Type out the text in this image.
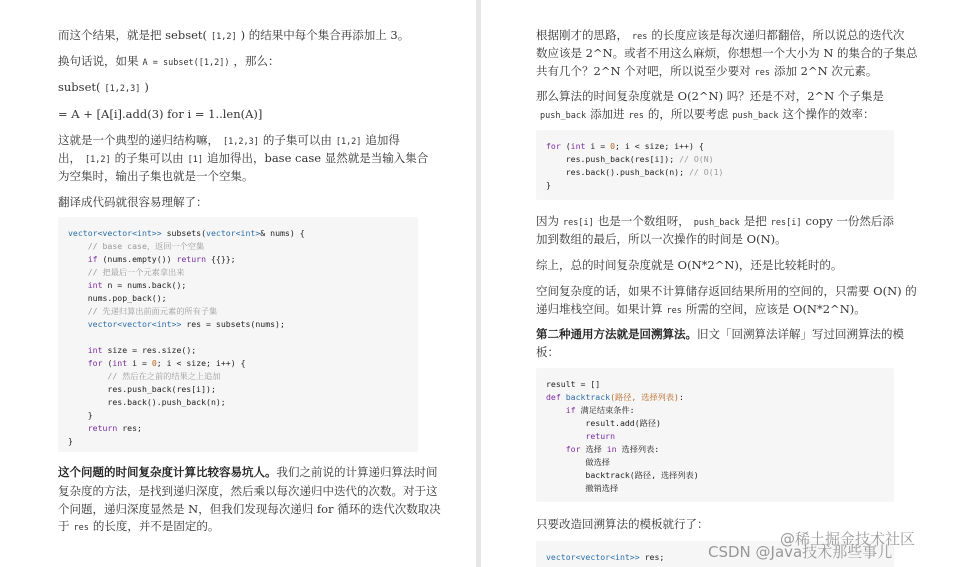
而这个结果，就是把 sebset( [1,2] ) 的结果中每个集合再添加上 3。
换句话说，如果 A = subset([1,2]) ，那么：
subset( [1,2,3] )
= A + [A[i].add(3) for i = 1..len(A)]
这就是一个典型的递归结构嘛， [1,2,3] 的子集可以由 [1,2] 追加得
出， [1,2] 的子集可以由 [1] 追加得出，base case 显然就是当输入集合
为空集时，输出子集也就是一个空集。
翻译成代码就很容易理解了：
vector<vector<int>> subsets(vector<int>& nums) {
// base case，返回一个空集
if (nums.empty()) return {{}};
// 把最后一个元素拿出来
int n = nums.back();
nums.pop_back();
// 先递归算出前面元素的所有子集
vector<vector<int>> res = subsets(nums);
int size = res.size();
for (int i = 0; i < size; i++) {
// 然后在之前的结果之上追加
res.push_back(res[i]);
res.back().push_back(n);
}
return res;
}
这个问题的时间复杂度计算比较容易坑人。我们之前说的计算递归算法时间
复杂度的方法，是找到递归深度，然后乘以每次递归中迭代的次数。对于这
个问题，递归深度显然是 N，但我们发现每次递归 for 循环的迭代次数取决
于 res 的长度，并不是固定的。
根据刚才的思路， res 的长度应该是每次递归都翻倍，所以说总的迭代次
数应该是 2^N。或者不用这么麻烦，你想想一个大小为 N 的集合的子集总
共有几个？2^N 个对吧，所以说至少要对 res 添加 2^N 次元素。
那么算法的时间复杂度就是 O(2^N) 吗？还是不对，2^N 个子集是
push_back 添加进 res 的，所以要考虑 push_back 这个操作的效率：
for (int i = 0; i < size; i++) {
res.push_back(res[i]); // O(N)
res.back().push_back(n); // O(1)
}
因为 res[i] 也是一个数组呀， push_back 是把 res[i] copy 一份然后添
加到数组的最后，所以一次操作的时间是 O(N)。
综上，总的时间复杂度就是 O(N*2^N)，还是比较耗时的。
空间复杂度的话，如果不计算储存返回结果所用的空间的，只需要 O(N) 的
递归堆栈空间。如果计算 res 所需的空间，应该是 O(N*2^N)。
第二种通用方法就是回溯算法。旧文「回溯算法详解」写过回溯算法的模
板：
result = []
def backtrack(路径, 选择列表):
if 满足结束条件:
result.add(路径)
return
for 选择 in 选择列表:
做选择
backtrack(路径, 选择列表)
撤销选择
只要改造回溯算法的模板就行了：
vector<vector<int>> res;
@稀土掘金技术社区
CSDN @Java技术那些事儿
